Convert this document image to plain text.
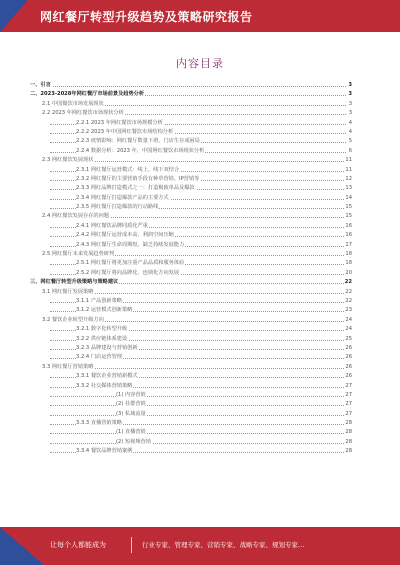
网红餐厅转型升级趋势及策略研究报告
内容目录
一、引言	3
二、2023-2028年网红餐厅市场前景及趋势分析	3
2.1 中国餐饮市场发展现状	3
2.2 2023 年网红餐饮市场现状分析	3
2.2.1 2023 年网红餐饮市场规模分析	4
2.2.2 2023 年中国网红餐饮市场结构分析	4
2.2.3 疫情影响：网红餐厅数量下滑，门店生存成困局	5
2.2.4 数据分析：2023 年，中国网红餐饮市场现状分析	6
2.3 网红餐饮发展现状	11
2.3.1 网红餐厅运营模式：线上、线下双结合	11
2.3.2 网红餐厅的主要营销手段有种草营销、IP营销等	12
2.3.3 网红品牌打造模式之一：打造极致单品及爆款	13
2.3.4 网红餐厅打造爆款产品的主要方式	14
2.3.5 网红餐厅打造爆款的行动路线	15
2.4 网红餐饮发展存在的问题	15
2.4.1 网红餐饮品牌同质化严重	16
2.4.2 网红餐厅运营成本高，利润空间压缩	16
2.4.3 网红餐厅生命周期短，缺乏持续发展能力	17
2.5 网红餐厅未来发展趋势研判	18
2.5.1 网红餐厅将更加注重产品品质和服务体验	18
2.5.2 网红餐厅将向品牌化、连锁化方向发展	20
三、网红餐厅转型升级策略与策略建议	22
3.1 网红餐厅发展策略	22
3.1.1 产品创新策略	22
3.1.2 运营模式创新策略	23
3.2 餐饮企业转型升级方向	24
3.2.1 数字化转型升级	24
3.2.2 供应链体系建设	25
3.2.3 品牌建设与营销创新	26
3.2.4 门店运营管理	26
3.3 网红餐厅营销策略	26
3.3.1 餐饮企业营销新模式	26
3.3.2 社交媒体营销策略	27
(1) 内容营销	27
(2) 社群营销	27
(3) 私域流量	27
3.3.3 直播营销策略	28
(1) 直播营销	28
(2) 短视频营销	28
3.3.4 餐饮品牌营销案例	28
让每个人都能成为	行业专家、管理专家、营销专家、战略专家、规划专家…
